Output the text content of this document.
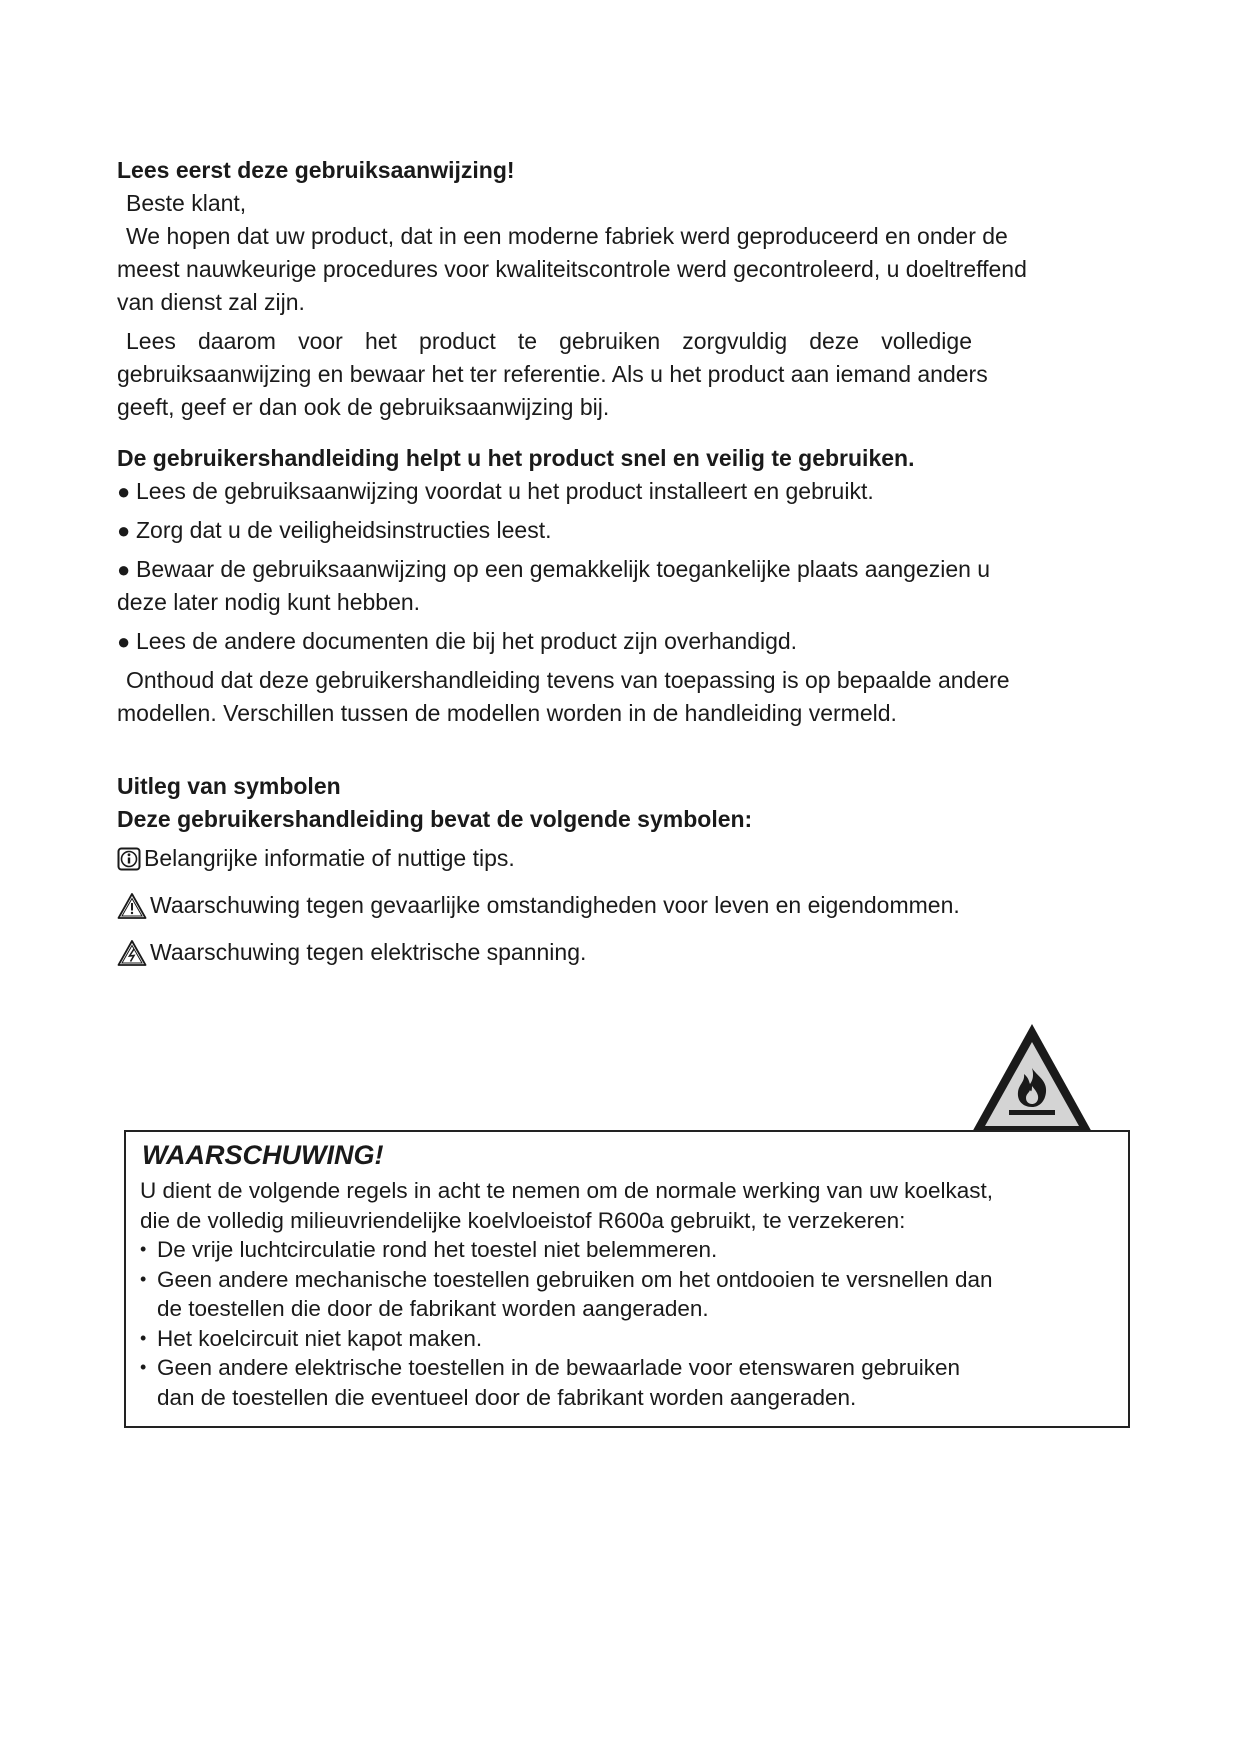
Lees eerst deze gebruiksaanwijzing!

Beste klant,

We hopen dat uw product, dat in een moderne fabriek werd geproduceerd en onder de

meest nauwkeurige procedures voor kwaliteitscontrole werd gecontroleerd, u doeltreffend

van dienst zal zijn.

Lees daarom voor het product te gebruiken zorgvuldig deze volledige

gebruiksaanwijzing en bewaar het ter referentie. Als u het product aan iemand anders

geeft, geef er dan ook de gebruiksaanwijzing bij.

De gebruikershandleiding helpt u het product snel en veilig te gebruiken.

● Lees de gebruiksaanwijzing voordat u het product installeert en gebruikt.

● Zorg dat u de veiligheidsinstructies leest.

● Bewaar de gebruiksaanwijzing op een gemakkelijk toegankelijke plaats aangezien u

deze later nodig kunt hebben.

● Lees de andere documenten die bij het product zijn overhandigd.

Onthoud dat deze gebruikershandleiding tevens van toepassing is op bepaalde andere

modellen. Verschillen tussen de modellen worden in de handleiding vermeld.

Uitleg van symbolen

Deze gebruikershandleiding bevat de volgende symbolen:

Belangrijke informatie of nuttige tips.

Waarschuwing tegen gevaarlijke omstandigheden voor leven en eigendommen.

Waarschuwing tegen elektrische spanning.

WAARSCHUWING!

U dient de volgende regels in acht te nemen om de normale werking van uw koelkast,

die de volledig milieuvriendelijke koelvloeistof R600a gebruikt, te verzekeren:

• De vrije luchtcirculatie rond het toestel niet belemmeren.

• Geen andere mechanische toestellen gebruiken om het ontdooien te versnellen dan
de toestellen die door de fabrikant worden aangeraden.

• Het koelcircuit niet kapot maken.

• Geen andere elektrische toestellen in de bewaarlade voor etenswaren gebruiken
dan de toestellen die eventueel door de fabrikant worden aangeraden.
